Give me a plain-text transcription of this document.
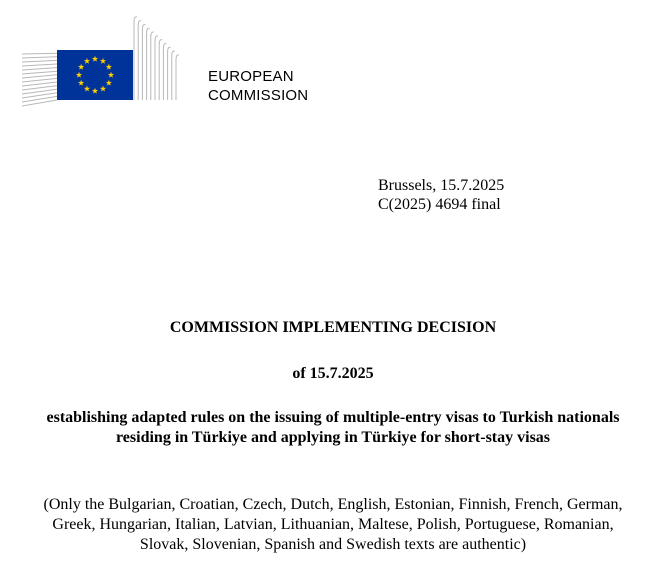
EUROPEAN
COMMISSION
Brussels, 15.7.2025
C(2025) 4694 final
COMMISSION IMPLEMENTING DECISION
of 15.7.2025
establishing adapted rules on the issuing of multiple-entry visas to Turkish nationals
residing in Türkiye and applying in Türkiye for short-stay visas
(Only the Bulgarian, Croatian, Czech, Dutch, English, Estonian, Finnish, French, German,
Greek, Hungarian, Italian, Latvian, Lithuanian, Maltese, Polish, Portuguese, Romanian,
Slovak, Slovenian, Spanish and Swedish texts are authentic)
